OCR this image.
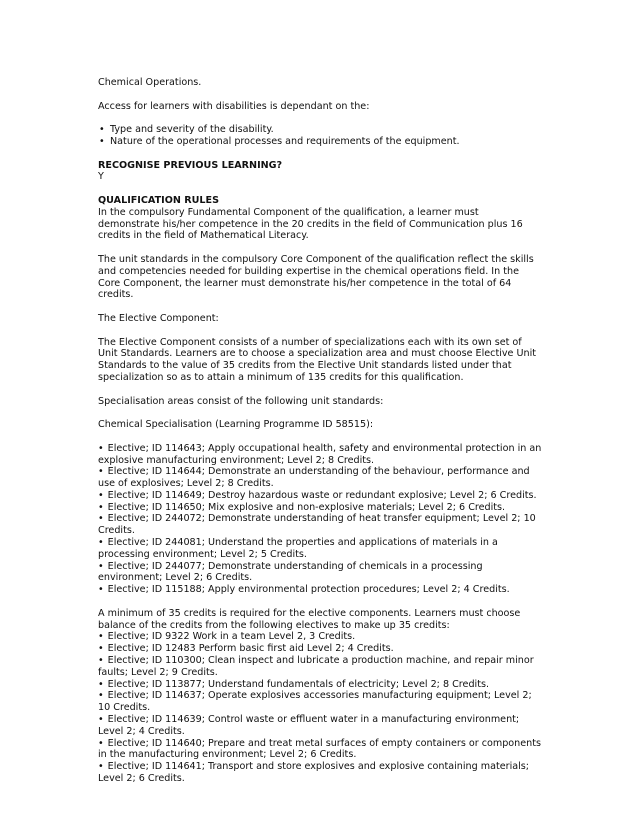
Chemical Operations.

Access for learners with disabilities is dependant on the:

• Type and severity of the disability.

• Nature of the operational processes and requirements of the equipment.

RECOGNISE PREVIOUS LEARNING?

Y

QUALIFICATION RULES

In the compulsory Fundamental Component of the qualification, a learner must demonstrate his/her competence in the 20 credits in the field of Communication plus 16 credits in the field of Mathematical Literacy.

The unit standards in the compulsory Core Component of the qualification reflect the skills and competencies needed for building expertise in the chemical operations field. In the Core Component, the learner must demonstrate his/her competence in the total of 64 credits.

The Elective Component:

The Elective Component consists of a number of specializations each with its own set of Unit Standards. Learners are to choose a specialization area and must choose Elective Unit Standards to the value of 35 credits from the Elective Unit standards listed under that specialization so as to attain a minimum of 135 credits for this qualification.

Specialisation areas consist of the following unit standards:

Chemical Specialisation (Learning Programme ID 58515):

• Elective; ID 114643; Apply occupational health, safety and environmental protection in an explosive manufacturing environment; Level 2; 8 Credits.

• Elective; ID 114644; Demonstrate an understanding of the behaviour, performance and use of explosives; Level 2; 8 Credits.

• Elective; ID 114649; Destroy hazardous waste or redundant explosive; Level 2; 6 Credits.

• Elective; ID 114650; Mix explosive and non-explosive materials; Level 2; 6 Credits.

• Elective; ID 244072; Demonstrate understanding of heat transfer equipment; Level 2; 10 Credits.

• Elective; ID 244081; Understand the properties and applications of materials in a processing environment; Level 2; 5 Credits.

• Elective; ID 244077; Demonstrate understanding of chemicals in a processing environment; Level 2; 6 Credits.

• Elective; ID 115188; Apply environmental protection procedures; Level 2; 4 Credits.

A minimum of 35 credits is required for the elective components. Learners must choose balance of the credits from the following electives to make up 35 credits:

• Elective; ID 9322 Work in a team Level 2, 3 Credits.

• Elective; ID 12483 Perform basic first aid Level 2; 4 Credits.

• Elective; ID 110300; Clean inspect and lubricate a production machine, and repair minor faults; Level 2; 9 Credits.

• Elective; ID 113877; Understand fundamentals of electricity; Level 2; 8 Credits.

• Elective; ID 114637; Operate explosives accessories manufacturing equipment; Level 2; 10 Credits.

• Elective; ID 114639; Control waste or effluent water in a manufacturing environment; Level 2; 4 Credits.

• Elective; ID 114640; Prepare and treat metal surfaces of empty containers or components in the manufacturing environment; Level 2; 6 Credits.

• Elective; ID 114641; Transport and store explosives and explosive containing materials; Level 2; 6 Credits.
